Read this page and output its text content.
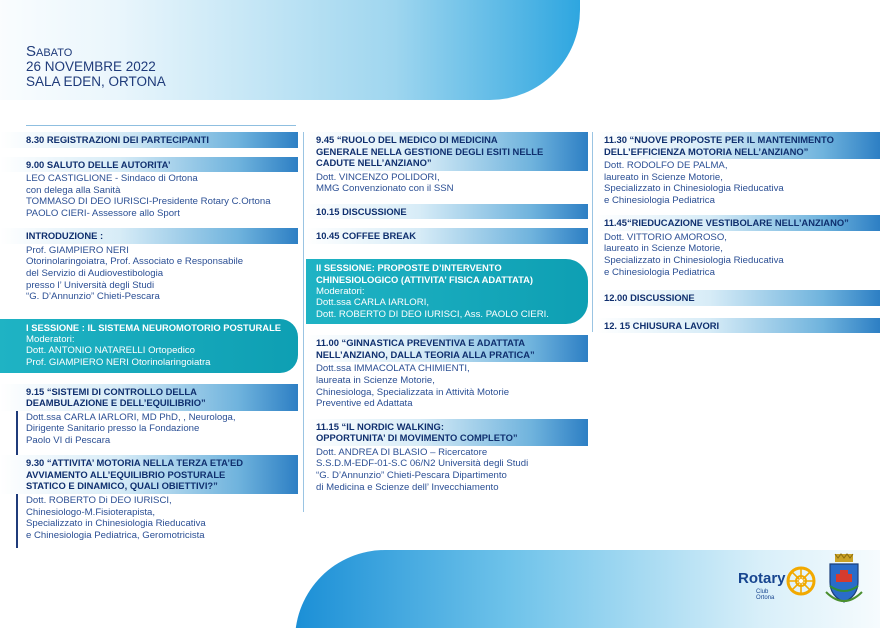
Sabato
26 NOVEMBRE 2022
SALA EDEN, ORTONA
8.30 REGISTRAZIONI DEI PARTECIPANTI
9.00 SALUTO DELLE AUTORITA’
LEO CASTIGLIONE - Sindaco di Ortona
con delega alla Sanità
TOMMASO DI DEO IURISCI-Presidente Rotary C.Ortona
PAOLO CIERI- Assessore allo Sport
INTRODUZIONE :
Prof. GIAMPIERO NERI
Otorinolaringoiatra, Prof. Associato e Responsabile
del Servizio di Audiovestibologia
presso l’ Università degli Studi
“G. D’Annunzio” Chieti-Pescara
I SESSIONE : IL SISTEMA NEUROMOTORIO POSTURALE
Moderatori:
Dott. ANTONIO NATARELLI Ortopedico
Prof. GIAMPIERO NERI Otorinolaringoiatra
9.15 “SISTEMI DI CONTROLLO DELLA
DEAMBULAZIONE E DELL’EQUILIBRIO”
Dott.ssa CARLA IARLORI, MD PhD, , Neurologa,
Dirigente Sanitario presso la Fondazione
Paolo VI di Pescara
9.30 “ATTIVITA’ MOTORIA NELLA TERZA ETA’ED
AVVIAMENTO ALL’EQUILIBRIO POSTURALE
STATICO E DINAMICO, QUALI OBIETTIVI?”
Dott. ROBERTO Di DEO IURISCI,
Chinesiologo-M.Fisioterapista,
Specializzato in Chinesiologia Rieducativa
e Chinesiologia Pediatrica, Geromotricista
9.45 “RUOLO DEL MEDICO DI MEDICINA
GENERALE NELLA GESTIONE DEGLI ESITI NELLE
CADUTE NELL’ANZIANO”
Dott. VINCENZO POLIDORI,
MMG Convenzionato con il SSN
10.15 DISCUSSIONE
10.45 COFFEE BREAK
II SESSIONE: PROPOSTE D’INTERVENTO
CHINESIOLOGICO (ATTIVITA’ FISICA ADATTATA)
Moderatori:
Dott.ssa CARLA IARLORI,
Dott. ROBERTO DI DEO IURISCI, Ass. PAOLO CIERI.
11.00 “GINNASTICA PREVENTIVA E ADATTATA
NELL’ANZIANO, DALLA TEORIA ALLA PRATICA”
Dott.ssa IMMACOLATA CHIMIENTI,
laureata in Scienze Motorie,
Chinesiologa, Specializzata in Attività Motorie
Preventive ed Adattata
11.15 “IL NORDIC WALKING:
OPPORTUNITA’ DI MOVIMENTO COMPLETO”
Dott. ANDREA DI BLASIO – Ricercatore
S.S.D.M-EDF-01-S.C 06/N2 Università degli Studi
“G. D’Annunzio” Chieti-Pescara Dipartimento
di Medicina e Scienze dell’ Invecchiamento
11.30 “NUOVE PROPOSTE PER IL MANTENIMENTO
DELL’EFFICIENZA MOTORIA NELL’ANZIANO”
Dott. RODOLFO DE PALMA,
laureato in Scienze Motorie,
Specializzato in Chinesiologia Rieducativa
e Chinesiologia Pediatrica
11.45“RIEDUCAZIONE VESTIBOLARE NELL’ANZIANO”
Dott. VITTORIO AMOROSO,
laureato in Scienze Motorie,
Specializzato in Chinesiologia Rieducativa
e Chinesiologia Pediatrica
12.00 DISCUSSIONE
12. 15 CHIUSURA LAVORI
Rotary
Club Ortona
